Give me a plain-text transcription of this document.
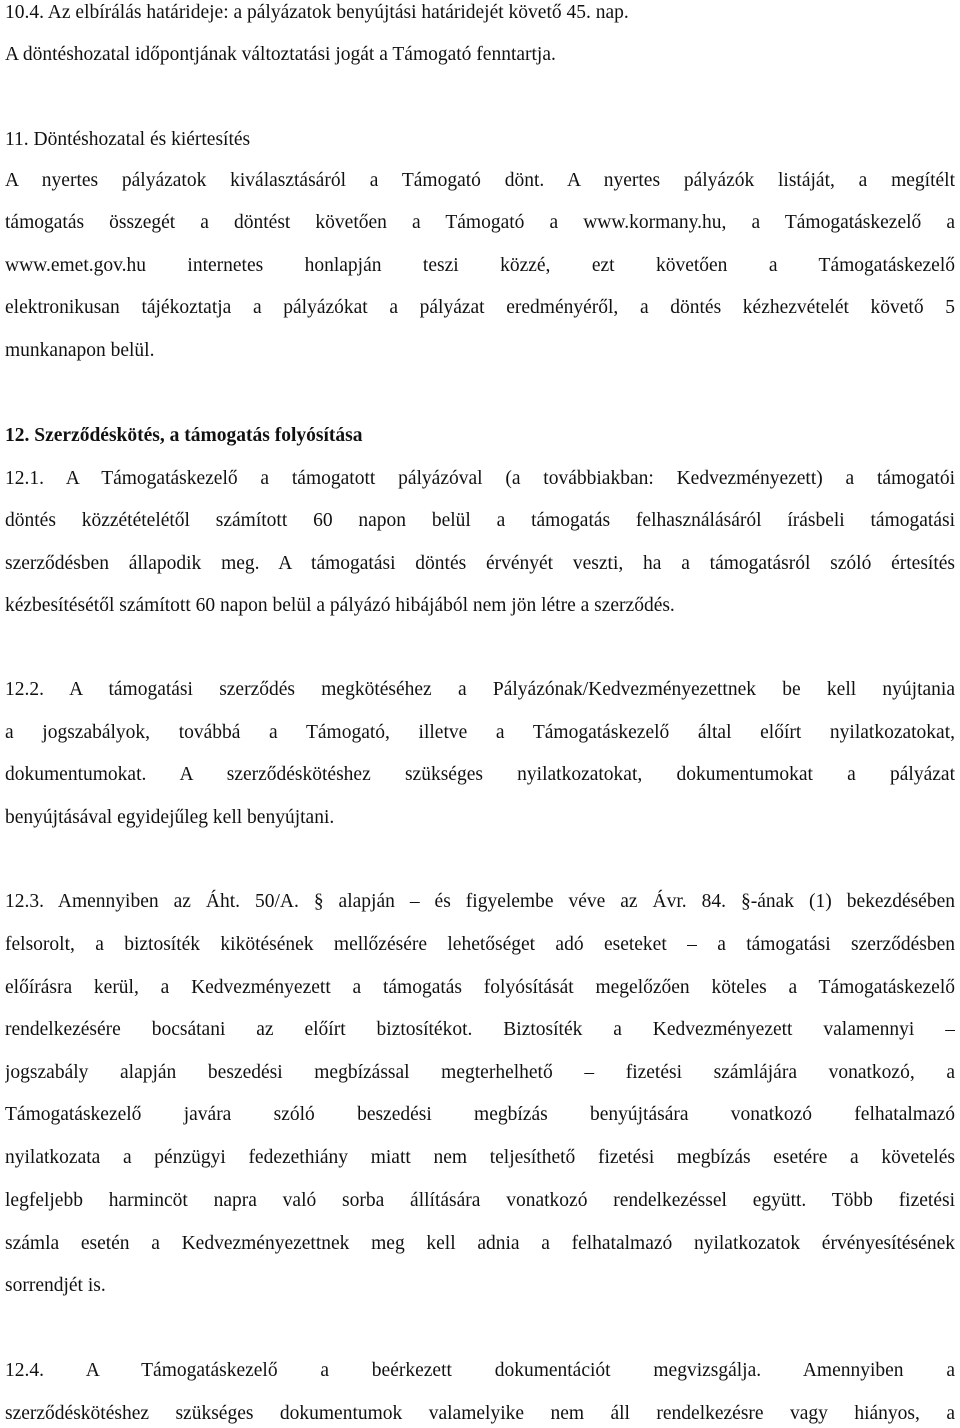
10.4. Az elbírálás határideje: a pályázatok benyújtási határidejét követő 45. nap.
A döntéshozatal időpontjának változtatási jogát a Támogató fenntartja.
11. Döntéshozatal és kiértesítés
A nyertes pályázatok kiválasztásáról a Támogató dönt. A nyertes pályázók listáját, a megítélt
támogatás összegét a döntést követően a Támogató a www.kormany.hu, a Támogatáskezelő a
www.emet.gov.hu internetes honlapján teszi közzé, ezt követően a Támogatáskezelő
elektronikusan tájékoztatja a pályázókat a pályázat eredményéről, a döntés kézhezvételét követő 5
munkanapon belül.
12. Szerződéskötés, a támogatás folyósítása
12.1. A Támogatáskezelő a támogatott pályázóval (a továbbiakban: Kedvezményezett) a támogatói
döntés közzétételétől számított 60 napon belül a támogatás felhasználásáról írásbeli támogatási
szerződésben állapodik meg. A támogatási döntés érvényét veszti, ha a támogatásról szóló értesítés
kézbesítésétől számított 60 napon belül a pályázó hibájából nem jön létre a szerződés.
12.2. A támogatási szerződés megkötéséhez a Pályázónak/Kedvezményezettnek be kell nyújtania
a jogszabályok, továbbá a Támogató, illetve a Támogatáskezelő által előírt nyilatkozatokat,
dokumentumokat. A szerződéskötéshez szükséges nyilatkozatokat, dokumentumokat a pályázat
benyújtásával egyidejűleg kell benyújtani.
12.3. Amennyiben az Áht. 50/A. § alapján – és figyelembe véve az Ávr. 84. §-ának (1) bekezdésében
felsorolt, a biztosíték kikötésének mellőzésére lehetőséget adó eseteket – a támogatási szerződésben
előírásra kerül, a Kedvezményezett a támogatás folyósítását megelőzően köteles a Támogatáskezelő
rendelkezésére bocsátani az előírt biztosítékot. Biztosíték a Kedvezményezett valamennyi –
jogszabály alapján beszedési megbízással megterhelhető – fizetési számlájára vonatkozó, a
Támogatáskezelő javára szóló beszedési megbízás benyújtására vonatkozó felhatalmazó
nyilatkozata a pénzügyi fedezethiány miatt nem teljesíthető fizetési megbízás esetére a követelés
legfeljebb harmincöt napra való sorba állítására vonatkozó rendelkezéssel együtt. Több fizetési
számla esetén a Kedvezményezettnek meg kell adnia a felhatalmazó nyilatkozatok érvényesítésének
sorrendjét is.
12.4. A Támogatáskezelő a beérkezett dokumentációt megvizsgálja. Amennyiben a
szerződéskötéshez szükséges dokumentumok valamelyike nem áll rendelkezésre vagy hiányos, a
